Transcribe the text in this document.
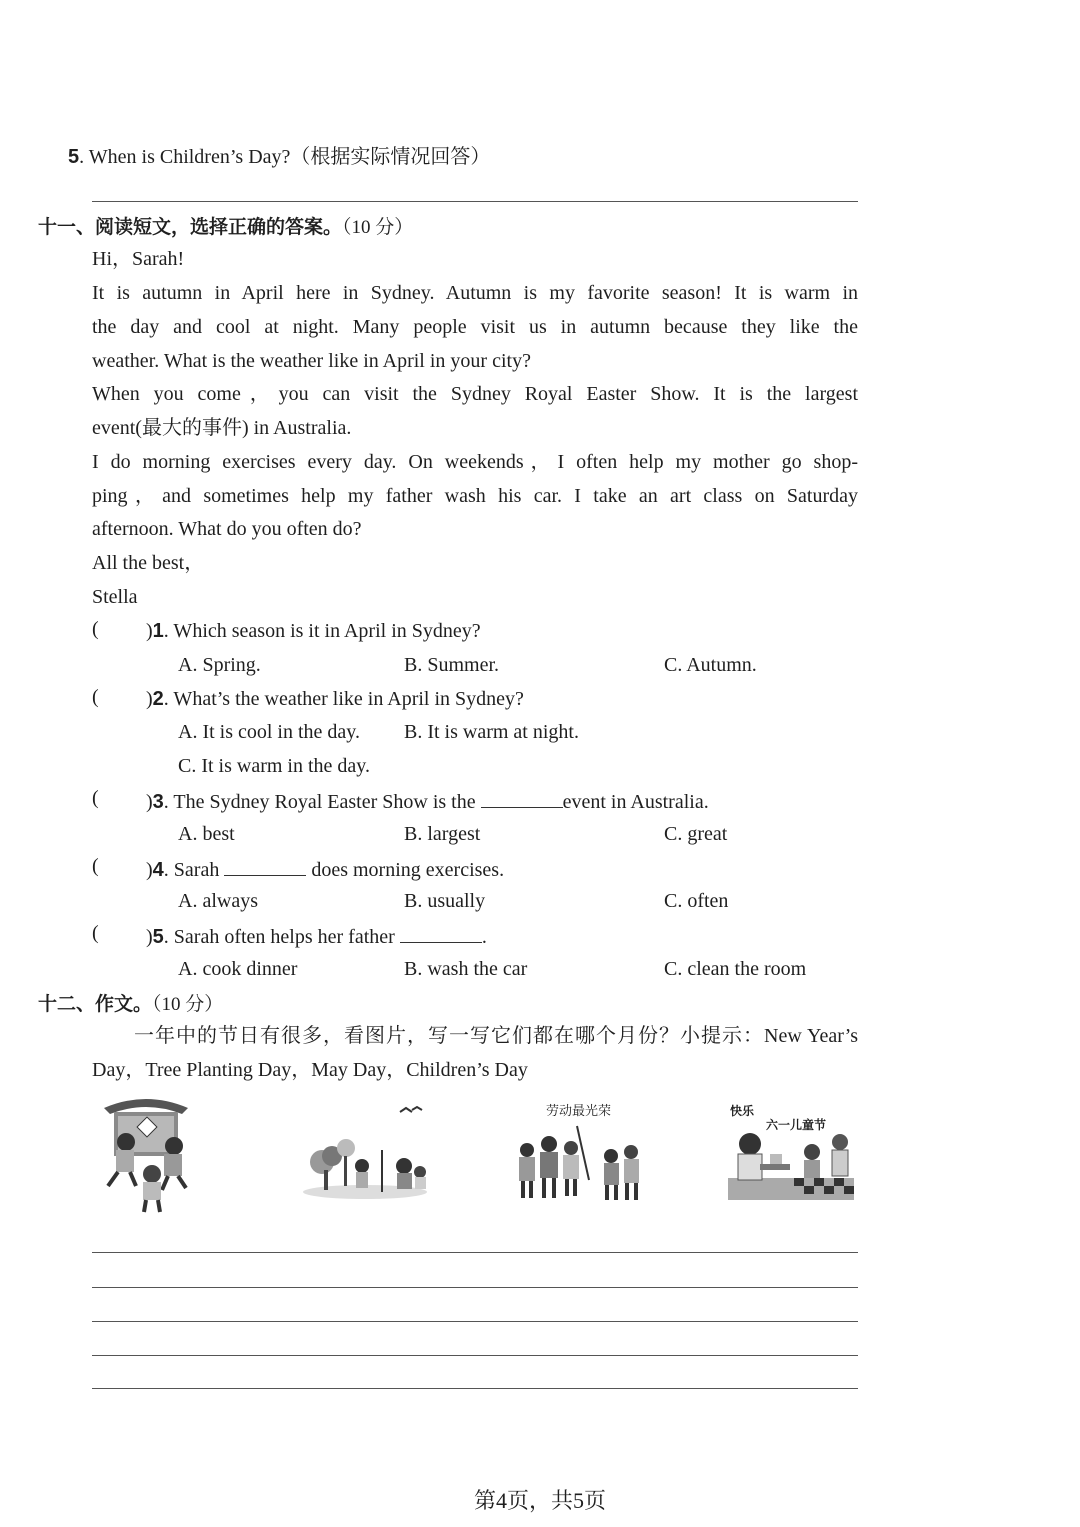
5. When is Children’s Day?（根据实际情况回答）
十一、阅读短文，选择正确的答案。（10 分）
Hi，Sarah!
It is autumn in April here in Sydney. Autumn is my favorite season! It is warm in
the day and cool at night. Many people visit us in autumn because they like the
weather. What is the weather like in April in your city?
When you come，you can visit the Sydney Royal Easter Show. It is the largest
event(最大的事件) in Australia.
I do morning exercises every day. On weekends，I often help my mother go shop-
ping，and sometimes help my father wash his car. I take an art class on Saturday
afternoon. What do you often do?
All the best，
Stella
( )1. Which season is it in April in Sydney?
A. Spring.	B. Summer.	C. Autumn.
( )2. What’s the weather like in April in Sydney?
A. It is cool in the day. B. It is warm at night.
C. It is warm in the day.
( )3. The Sydney Royal Easter Show is the	event in Australia.
A. best	B. largest	C. great
( )4. Sarah	does morning exercises.
A. always	B. usually	C. often
( )5. Sarah often helps her father	.
A. cook dinner	B. wash the car	C. clean the room
十二、作文。（10 分）
一年中的节日有很多，看图片，写一写它们都在哪个月份？小提示：New Year’s
Day，Tree Planting Day，May Day，Children’s Day
劳动最光荣	快乐
六一儿童节
第4页，共5页
